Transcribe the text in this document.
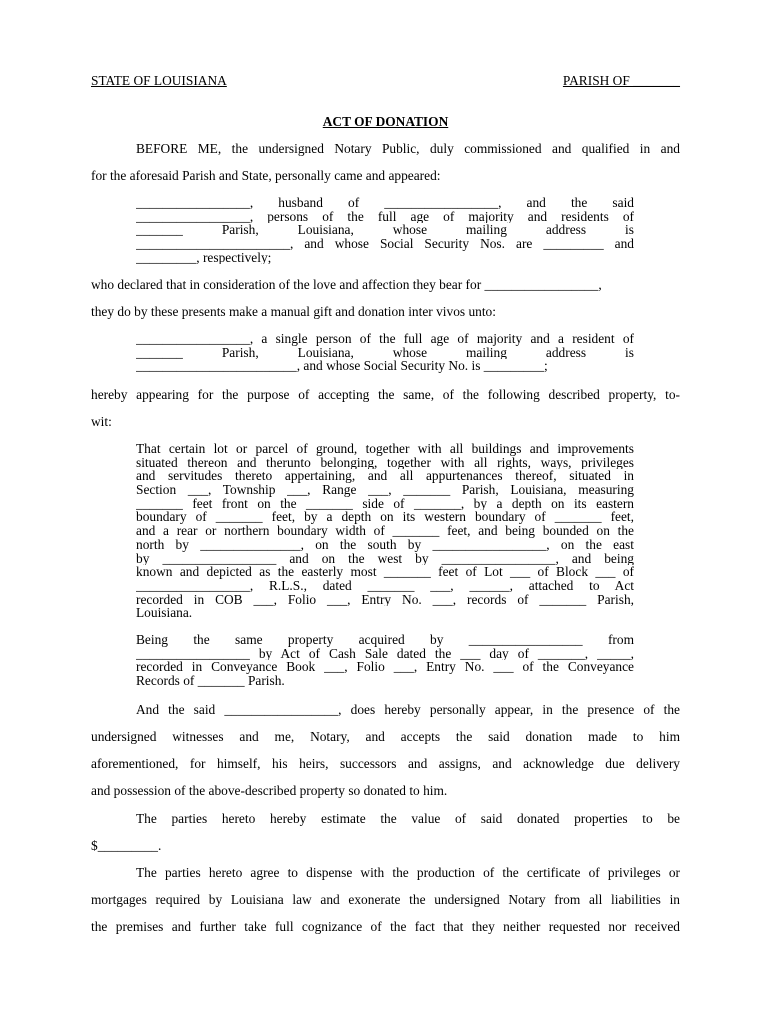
STATE OF LOUISIANA	PARISH OF _______
ACT OF DONATION
BEFORE ME, the undersigned Notary Public, duly commissioned and qualified in and
for the aforesaid Parish and State, personally came and appeared:
_________________, husband of _________________, and the said
_________________, persons of the full age of majority and residents of
_______ Parish, Louisiana, whose mailing address is
_______________________, and whose Social Security Nos. are _________ and
_________, respectively;
who declared that in consideration of the love and affection they bear for _________________,
they do by these presents make a manual gift and donation inter vivos unto:
_________________, a single person of the full age of majority and a resident of
_______ Parish, Louisiana, whose mailing address is
________________________, and whose Social Security No. is _________;
hereby appearing for the purpose of accepting the same, of the following described property, to-
wit:
That certain lot or parcel of ground, together with all buildings and improvements
situated thereon and therunto belonging, together with all rights, ways, privileges
and servitudes thereto appertaining, and all appurtenances thereof, situated in
Section ___, Township ___, Range ___, _______ Parish, Louisiana, measuring
_______ feet front on the _______ side of _______, by a depth on its eastern
boundary of _______ feet, by a depth on its western boundary of _______ feet,
and a rear or northern boundary width of _______ feet, and being bounded on the
north by _______________, on the south by _________________, on the east
by _________________ and on the west by _________________, and being
known and depicted as the easterly most _______ feet of Lot ___ of Block ___ of
_________________, R.L.S., dated _______ ___, ______, attached to Act
recorded in COB ___, Folio ___, Entry No. ___, records of _______ Parish,
Louisiana.
Being the same property acquired by _________________ from
_________________ by Act of Cash Sale dated the ___ day of _______, _____,
recorded in Conveyance Book ___, Folio ___, Entry No. ___ of the Conveyance
Records of _______ Parish.
And the said _________________, does hereby personally appear, in the presence of the
undersigned witnesses and me, Notary, and accepts the said donation made to him
aforementioned, for himself, his heirs, successors and assigns, and acknowledge due delivery
and possession of the above-described property so donated to him.
The parties hereto hereby estimate the value of said donated properties to be
$_________.
The parties hereto agree to dispense with the production of the certificate of privileges or
mortgages required by Louisiana law and exonerate the undersigned Notary from all liabilities in
the premises and further take full cognizance of the fact that they neither requested nor received
